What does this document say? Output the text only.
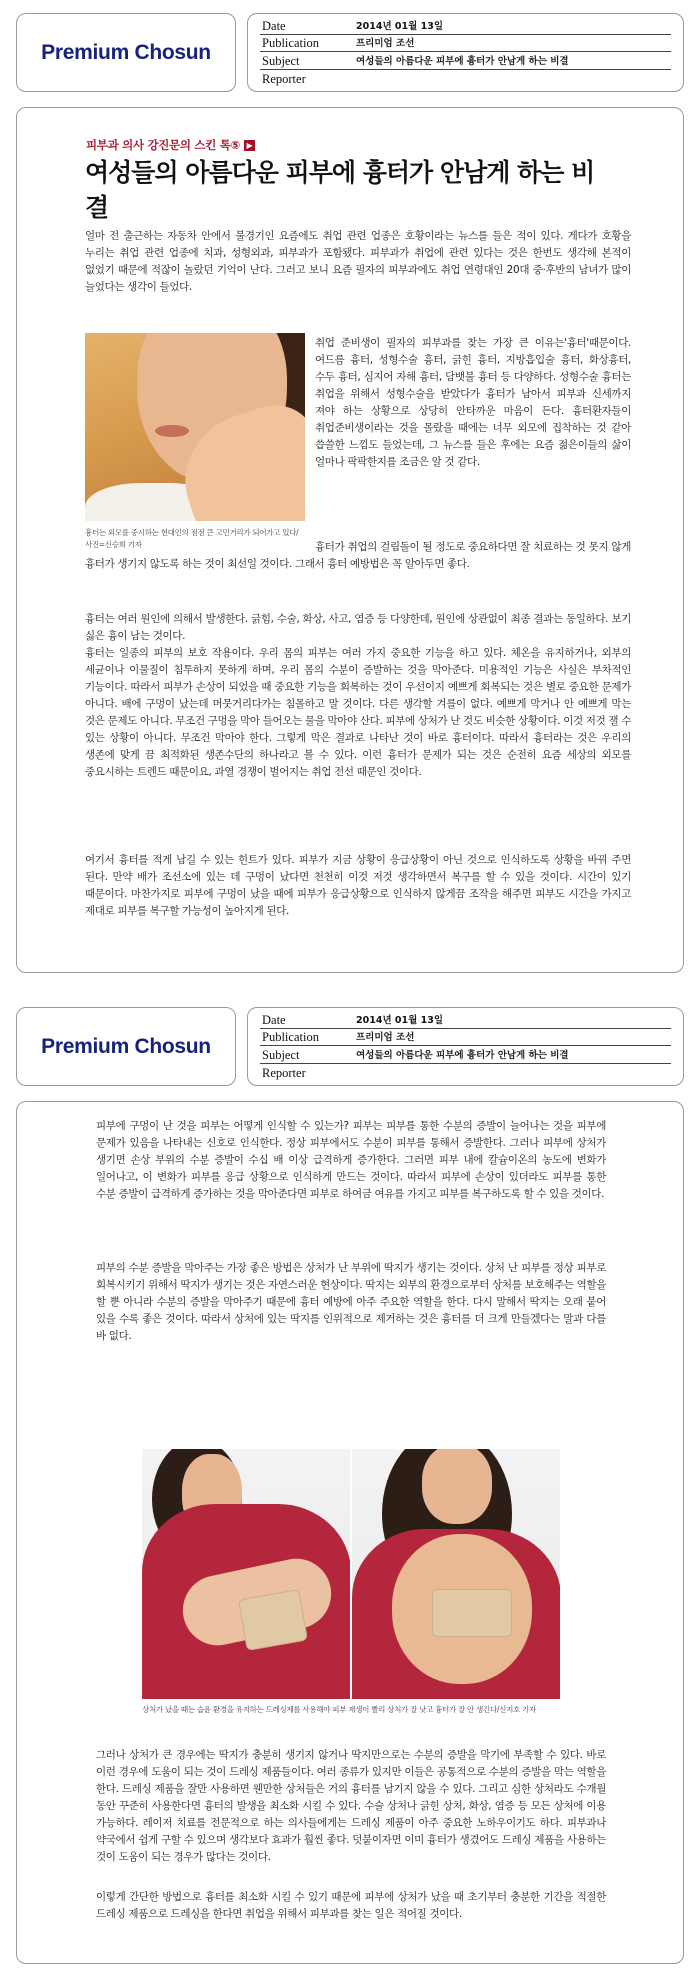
Premium Chosun
Date	2014년 01월 13일
Publication	프리미엄 조선
Subject	여성들의 아름다운 피부에 흉터가 안남게 하는 비결
Reporter
피부과 의사 강진문의 스킨 톡⑤ ▶
여성들의 아름다운 피부에 흉터가 안남게 하는 비결

얼마 전 출근하는 자동차 안에서 불경기인 요즘에도 취업 관련 업종은 호황이라는 뉴스를 들은 적이 있다. 게다가 호황을 누리는 취업 관련 업종에 치과, 성형외과, 피부과가 포함됐다. 피부과가 취업에 관련 있다는 것은 한번도 생각해 본적이 없었기 때문에 적잖이 놀랐던 기억이 난다. 그러고 보니 요즘 필자의 피부과에도 취업 연령대인 20대 중·후반의 남녀가 많이 늘었다는 생각이 들었다.

흉터는 외모를 중시하는 현대인의 점점 큰 고민거리가 되어가고 있다/사진=신승희 기자

취업 준비생이 필자의 피부과를 찾는 가장 큰 이유는'흉터'때문이다. 여드름 흉터, 성형수술 흉터, 긁힌 흉터, 지방흡입술 흉터, 화상흉터, 수두 흉터, 심지어 자해 흉터, 담뱃불 흉터 등 다양하다. 성형수술 흉터는 취업을 위해서 성형수술을 받았다가 흉터가 남아서 피부과 신세까지 져야 하는 상황으로 상당히 안타까운 마음이 든다. 흉터환자들이 취업준비생이라는 것을 몰랐을 때에는 너무 외모에 집착하는 것 같아 씁쓸한 느낌도 들었는데, 그 뉴스를 들은 후에는 요즘 젊은이들의 삶이 얼마나 팍팍한지를 조금은 알 것 같다.

흉터가 취업의 걸림돌이 될 정도로 중요하다면 잘 치료하는 것 못지 않게 흉터가 생기지 않도록 하는 것이 최선일 것이다. 그래서 흉터 예방법은 꼭 알아두면 좋다.

흉터는 여러 원인에 의해서 발생한다. 긁힘, 수술, 화상, 사고, 염증 등 다양한데, 원인에 상관없이 최종 결과는 동일하다. 보기 싫은 흉이 남는 것이다.
흉터는 일종의 피부의 보호 작용이다. 우리 몸의 피부는 여러 가지 중요한 기능을 하고 있다. 체온을 유지하거나, 외부의 세균이나 이물질이 침투하지 못하게 하며, 우리 몸의 수분이 증발하는 것을 막아준다. 미용적인 기능은 사실은 부차적인 기능이다. 따라서 피부가 손상이 되었을 때 중요한 기능을 회복하는 것이 우선이지 예쁘게 회복되는 것은 별로 중요한 문제가 아니다. 배에 구멍이 났는데 머뭇거리다가는 침몰하고 말 것이다. 다른 생각할 겨를이 없다. 예쁘게 막거나 안 예쁘게 막는 것은 문제도 아니다. 무조건 구멍을 막아 들어오는 물을 막아야 산다. 피부에 상처가 난 것도 비슷한 상황이다. 이것 저것 잴 수 있는 상황이 아니다. 무조건 막아야 한다. 그렇게 막은 결과로 나타난 것이 바로 흉터이다. 따라서 흉터라는 것은 우리의 생존에 맞게 끔 최적화된 생존수단의 하나라고 볼 수 있다. 이런 흉터가 문제가 되는 것은 순전히 요즘 세상의 외모를 중요시하는 트렌드 때문이요, 과열 경쟁이 벌어지는 취업 전선 때문인 것이다.

여기서 흉터를 적게 남길 수 있는 힌트가 있다. 피부가 지금 상황이 응급상황이 아닌 것으로 인식하도록 상황을 바꿔 주면 된다. 만약 배가 조선소에 있는 데 구멍이 났다면 천천히 이것 저것 생각하면서 복구를 할 수 있을 것이다. 시간이 있기 때문이다. 마찬가지로 피부에 구멍이 났을 때에 피부가 응급상황으로 인식하지 않게끔 조작을 해주면 피부도 시간을 가지고 제대로 피부를 복구할 가능성이 높아지게 된다.

Premium Chosun
Date	2014년 01월 13일
Publication	프리미엄 조선
Subject	여성들의 아름다운 피부에 흉터가 안남게 하는 비결
Reporter

피부에 구멍이 난 것을 피부는 어떻게 인식할 수 있는가? 피부는 피부를 통한 수분의 증발이 늘어나는 것을 피부에 문제가 있음을 나타내는 신호로 인식한다. 정상 피부에서도 수분이 피부를 통해서 증발한다. 그러나 피부에 상처가 생기면 손상 부위의 수분 증발이 수십 배 이상 급격하게 증가한다. 그러면 피부 내에 칼슘이온의 농도에 변화가 일어나고, 이 변화가 피부를 응급 상황으로 인식하게 만드는 것이다. 따라서 피부에 손상이 있더라도 피부를 통한 수분 증발이 급격하게 증가하는 것을 막아준다면 피부로 하여금 여유를 가지고 피부를 복구하도록 할 수 있을 것이다.

피부의 수분 증발을 막아주는 가장 좋은 방법은 상처가 난 부위에 딱지가 생기는 것이다. 상처 난 피부를 정상 피부로 회복시키기 위해서 딱지가 생기는 것은 자연스러운 현상이다. 딱지는 외부의 환경으로부터 상처를 보호해주는 역할을 할 뿐 아니라 수분의 증발을 막아주기 때문에 흉터 예방에 아주 주요한 역할을 한다. 다시 말해서 딱지는 오래 붙어 있을 수록 좋은 것이다. 따라서 상처에 있는 딱지를 인위적으로 제거하는 것은 흉터를 더 크게 만들겠다는 말과 다를 바 없다.

상처가 났을 때는 습윤 환경을 유지하는 드레싱제를 사용해야 피부 재생이 빨리 상처가 잘 낫고 흉터가 잘 안 생긴다/신지호 기자

그러나 상처가 큰 경우에는 딱지가 충분히 생기지 않거나 딱지만으로는 수분의 증발을 막기에 부족할 수 있다. 바로 이런 경우에 도움이 되는 것이 드레싱 제품들이다. 여러 종류가 있지만 이들은 공통적으로 수분의 증발을 막는 역할을 한다. 드레싱 제품을 잘만 사용하면 웬만한 상처들은 거의 흉터를 남기지 않을 수 있다. 그리고 심한 상처라도 수개월 동안 꾸준히 사용한다면 흉터의 발생을 최소화 시킬 수 있다. 수술 상처나 긁힌 상처, 화상, 염증 등 모든 상처에 이용 가능하다. 레이저 치료를 전문적으로 하는 의사들에게는 드레싱 제품이 아주 중요한 노하우이기도 하다. 피부과나 약국에서 쉽게 구할 수 있으며 생각보다 효과가 훨씬 좋다. 덧붙이자면 이미 흉터가 생겼어도 드레싱 제품을 사용하는 것이 도움이 되는 경우가 많다는 것이다.

이렇게 간단한 방법으로 흉터를 최소화 시킬 수 있기 때문에 피부에 상처가 났을 때 초기부터 충분한 기간을 적절한 드레싱 제품으로 드레싱을 한다면 취업을 위해서 피부과를 찾는 일은 적어질 것이다.
